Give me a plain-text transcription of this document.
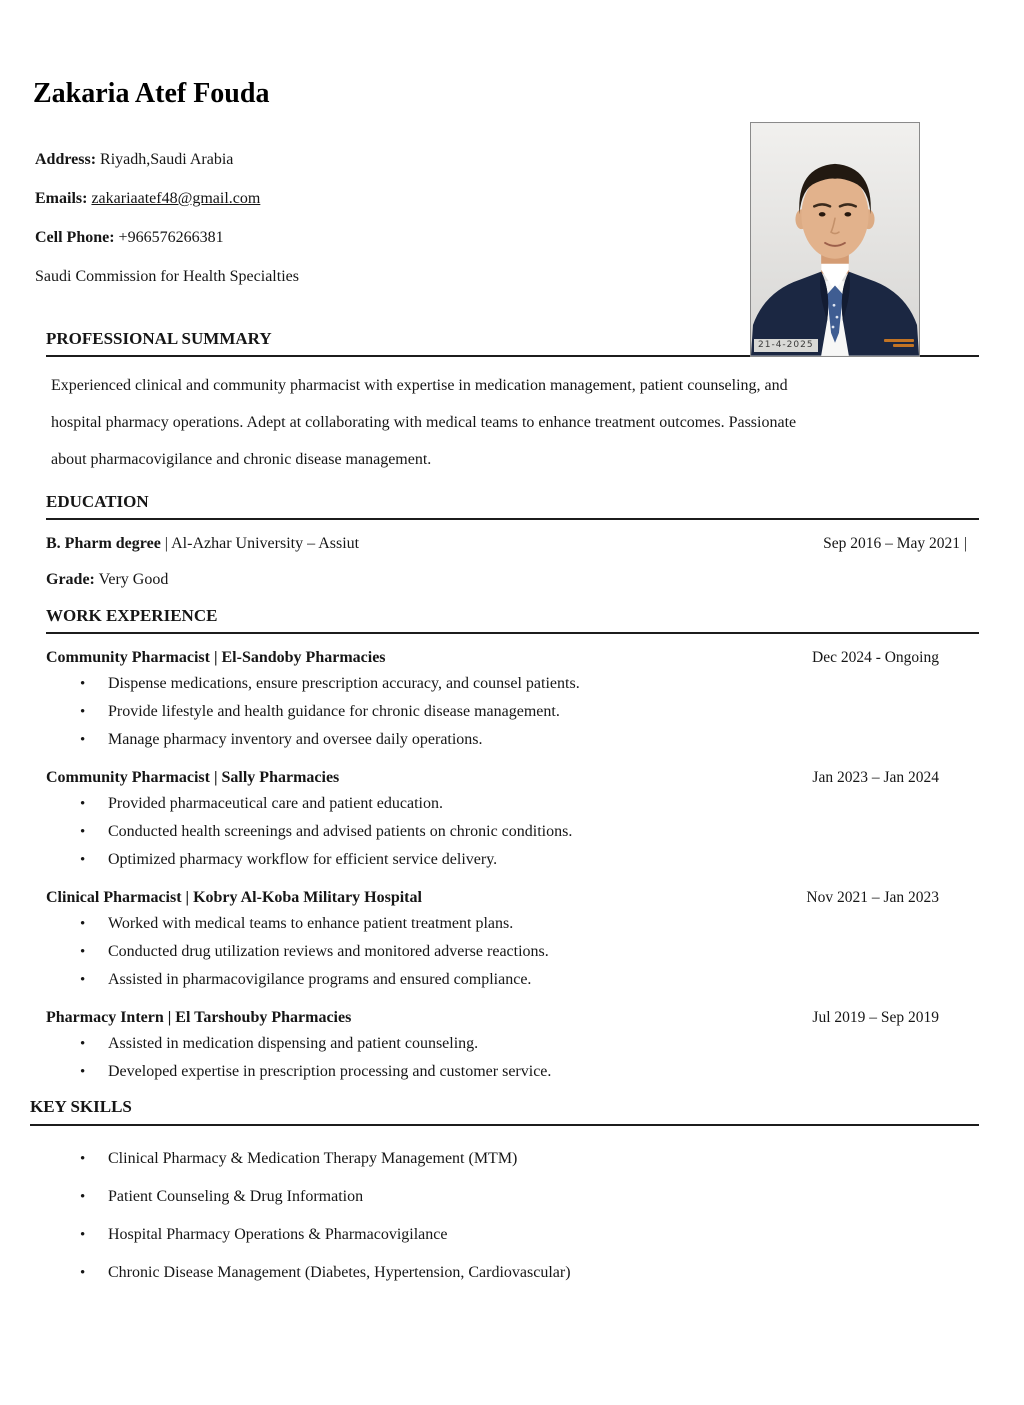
21-4-2025
Zakaria Atef Fouda

Address: Riyadh,Saudi Arabia

Emails: zakariaatef48@gmail.com

Cell Phone: +966576266381

Saudi Commission for Health Specialties

PROFESSIONAL SUMMARY
Experienced clinical and community pharmacist with expertise in medication management, patient counseling, and
hospital pharmacy operations. Adept at collaborating with medical teams to enhance treatment outcomes. Passionate
about pharmacovigilance and chronic disease management.
EDUCATION
B. Pharm degree | Al-Azhar University – Assiut	Sep 2016 – May 2021 |
Grade: Very Good
WORK EXPERIENCE
Community Pharmacist | El-Sandoby Pharmacies	Dec 2024 - Ongoing
•	Dispense medications, ensure prescription accuracy, and counsel patients.
•	Provide lifestyle and health guidance for chronic disease management.
•	Manage pharmacy inventory and oversee daily operations.
Community Pharmacist | Sally Pharmacies	Jan 2023 – Jan 2024
•	Provided pharmaceutical care and patient education.
•	Conducted health screenings and advised patients on chronic conditions.
•	Optimized pharmacy workflow for efficient service delivery.
Clinical Pharmacist | Kobry Al-Koba Military Hospital	Nov 2021 – Jan 2023
•	Worked with medical teams to enhance patient treatment plans.
•	Conducted drug utilization reviews and monitored adverse reactions.
•	Assisted in pharmacovigilance programs and ensured compliance.
Pharmacy Intern | El Tarshouby Pharmacies	Jul 2019 – Sep 2019
•	Assisted in medication dispensing and patient counseling.
•	Developed expertise in prescription processing and customer service.
KEY SKILLS
•	Clinical Pharmacy & Medication Therapy Management (MTM)
•	Patient Counseling & Drug Information
•	Hospital Pharmacy Operations & Pharmacovigilance
•	Chronic Disease Management (Diabetes, Hypertension, Cardiovascular)
